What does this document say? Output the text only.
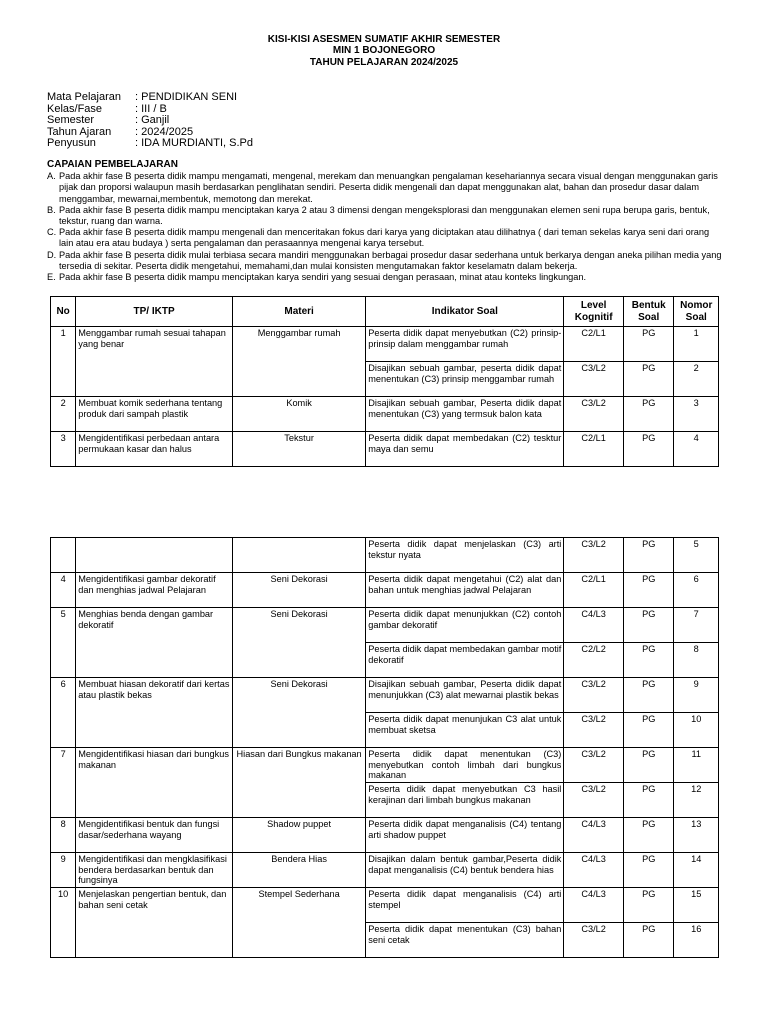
KISI-KISI ASESMEN SUMATIF AKHIR SEMESTER
MIN 1 BOJONEGORO
TAHUN PELAJARAN 2024/2025
Mata Pelajaran	: PENDIDIKAN SENI
Kelas/Fase	: III / B
Semester	: Ganjil
Tahun Ajaran	: 2024/2025
Penyusun	: IDA MURDIANTI, S.Pd
CAPAIAN PEMBELAJARAN
A. Pada akhir fase B peserta didik mampu mengamati, mengenal, merekam dan menuangkan pengalaman kesehariannya secara visual dengan menggunakan garis pijak dan proporsi walaupun masih berdasarkan penglihatan sendiri. Peserta didik mengenali dan dapat menggunakan alat, bahan dan prosedur dasar dalam menggambar, mewarnai,membentuk, memotong dan merekat.
B. Pada akhir fase B peserta didik mampu menciptakan karya 2 atau 3 dimensi dengan mengeksplorasi dan menggunakan elemen seni rupa berupa garis, bentuk, tekstur, ruang dan warna.
C. Pada akhir fase B peserta didik mampu mengenali dan menceritakan fokus dari karya yang diciptakan atau dilihatnya ( dari teman sekelas karya seni dari orang lain atau era atau budaya ) serta pengalaman dan perasaannya mengenai karya tersebut.
D. Pada akhir fase B peserta didik mulai terbiasa secara mandiri menggunakan berbagai prosedur dasar sederhana untuk berkarya dengan aneka pilihan media yang tersedia di sekitar. Peserta didik mengetahui, memahami,dan mulai konsisten mengutamakan faktor keselamatn dalam bekerja.
E. Pada akhir fase B peserta didik mampu menciptakan karya sendiri yang sesuai dengan perasaan, minat atau konteks lingkungan.
No	TP/ IKTP	Materi	Indikator Soal	Level Kognitif	Bentuk Soal	Nomor Soal
1	Menggambar rumah sesuai tahapan yang benar	Menggambar rumah	Peserta didik dapat menyebutkan (C2) prinsip-prinsip dalam menggambar rumah	C2/L1	PG	1
			Disajikan sebuah gambar, peserta didik dapat menentukan (C3) prinsip menggambar rumah	C3/L2	PG	2
2	Membuat komik sederhana tentang produk dari sampah plastik	Komik	Disajikan sebuah gambar, Peserta didik dapat menentukan (C3) yang termsuk balon kata	C3/L2	PG	3
3	Mengidentifikasi perbedaan antara permukaan kasar dan halus	Tekstur	Peserta didik dapat membedakan (C2) tesktur maya dan semu	C2/L1	PG	4
			Peserta didik dapat menjelaskan (C3) arti tekstur nyata	C3/L2	PG	5
4	Mengidentifikasi gambar dekoratif dan menghias jadwal Pelajaran	Seni Dekorasi	Peserta didik dapat mengetahui (C2) alat dan bahan untuk menghias jadwal Pelajaran	C2/L1	PG	6
5	Menghias benda dengan gambar dekoratif	Seni Dekorasi	Peserta didik dapat menunjukkan (C2) contoh gambar dekoratif	C4/L3	PG	7
			Peserta didik dapat membedakan gambar motif dekoratif	C2/L2	PG	8
6	Membuat hiasan dekoratif dari kertas atau plastik bekas	Seni Dekorasi	Disajikan sebuah gambar, Peserta didik dapat menunjukkan (C3) alat mewarnai plastik bekas	C3/L2	PG	9
			Peserta didik dapat menunjukan C3 alat untuk membuat sketsa	C3/L2	PG	10
7	Mengidentifikasi hiasan dari bungkus makanan	Hiasan dari Bungkus makanan	Peserta didik dapat menentukan (C3) menyebutkan contoh limbah dari bungkus makanan	C3/L2	PG	11
			Peserta didik dapat menyebutkan C3 hasil kerajinan dari limbah bungkus makanan	C3/L2	PG	12
8	Mengidentifikasi bentuk dan fungsi dasar/sederhana wayang	Shadow puppet	Peserta didik dapat menganalisis (C4) tentang arti shadow puppet	C4/L3	PG	13
9	Mengidentifikasi dan mengklasifikasi bendera berdasarkan bentuk dan fungsinya	Bendera Hias	Disajikan dalam bentuk gambar,Peserta didik dapat menganalisis (C4) bentuk bendera hias	C4/L3	PG	14
10	Menjelaskan pengertian bentuk, dan bahan seni cetak	Stempel Sederhana	Peserta didik dapat menganalisis (C4) arti stempel	C4/L3	PG	15
			Peserta didik dapat menentukan (C3) bahan seni cetak	C3/L2	PG	16
